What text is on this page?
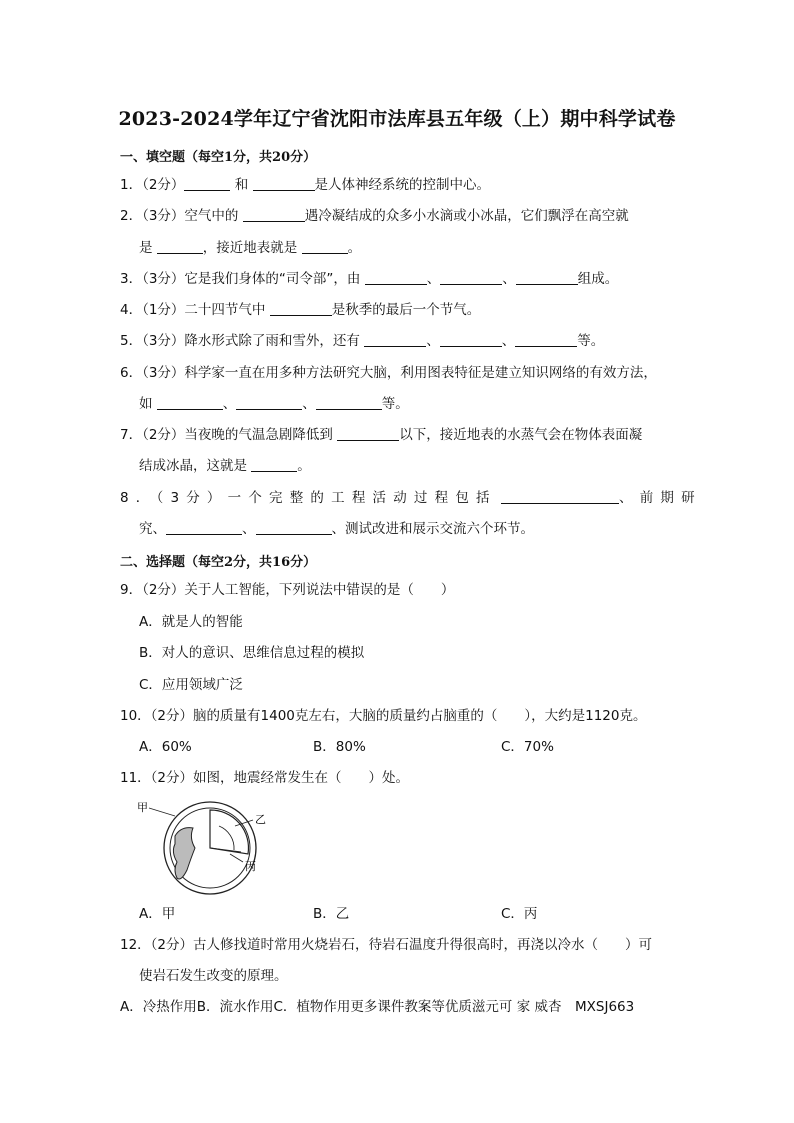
2023-2024学年辽宁省沈阳市法库县五年级（上）期中科学试卷
一、填空题（每空1分，共20分）
1．（2分）	和	是人体神经系统的控制中心。
2．（3分）空气中的	遇冷凝结成的众多小水滴或小冰晶，它们飘浮在高空就
是	，接近地表就是	。
3．（3分）它是我们身体的“司令部”，由	、	、	组成。
4．（1分）二十四节气中	是秋季的最后一个节气。
5．（3分）降水形式除了雨和雪外，还有	、	、	等。
6．（3分）科学家一直在用多种方法研究大脑，利用图表特征是建立知识网络的有效方法，
如	、	、	等。
7．（2分）当夜晚的气温急剧降低到	以下，接近地表的水蒸气会在物体表面凝
结成冰晶，这就是	。
8．（3分）一个完整的工程活动过程包括	、前期研
究、	、	、测试改进和展示交流六个环节。
二、选择题（每空2分，共16分）
9．（2分）关于人工智能，下列说法中错误的是（　　）
A．就是人的智能
B．对人的意识、思维信息过程的模拟
C．应用领域广泛
10．（2分）脑的质量有1400克左右，大脑的质量约占脑重的（　　），大约是1120克。
A．60%	B．80%	C．70%
11．（2分）如图，地震经常发生在（　　）处。
甲
乙
丙
A．甲	B．乙	C．丙
12．（2分）古人修找道时常用火烧岩石，待岩石温度升得很高时，再浇以冷水（　　）可
使岩石发生改变的原理。
A．冷热作用B．流水作用C．植物作用更多课件教案等优质滋元可 家 威杏　MXSJ663
